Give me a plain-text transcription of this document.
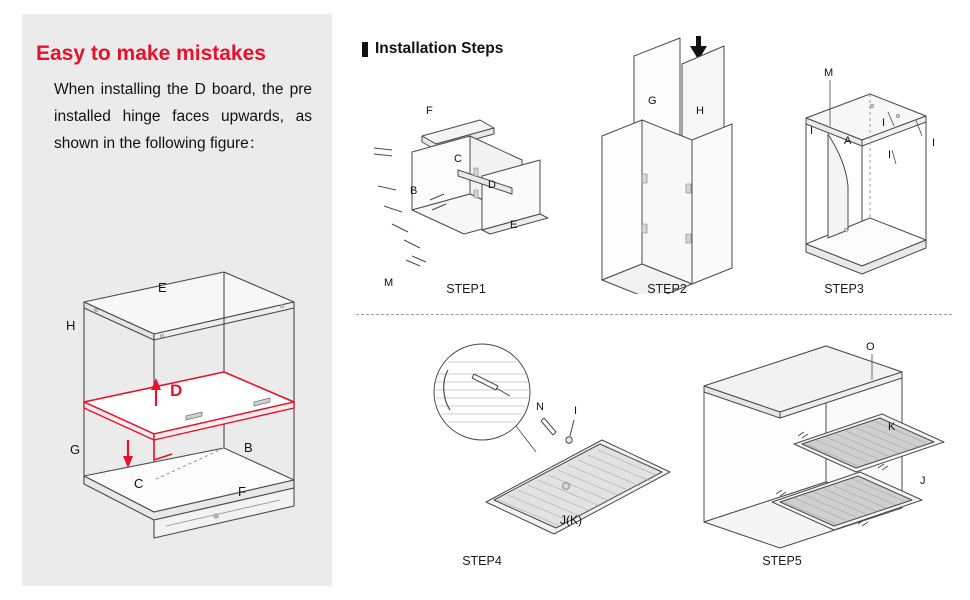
Easy to make mistakes
When installing the D board, the pre installed hinge faces upwards, as shown in the following figure：
E
H
D
G	B
C
F
Installation Steps
F
C
B	D
E
M	STEP1
G
H
STEP2
M
I
A
I
I
I
STEP3
N	I
J(K)
STEP4
O
K
J
STEP5
